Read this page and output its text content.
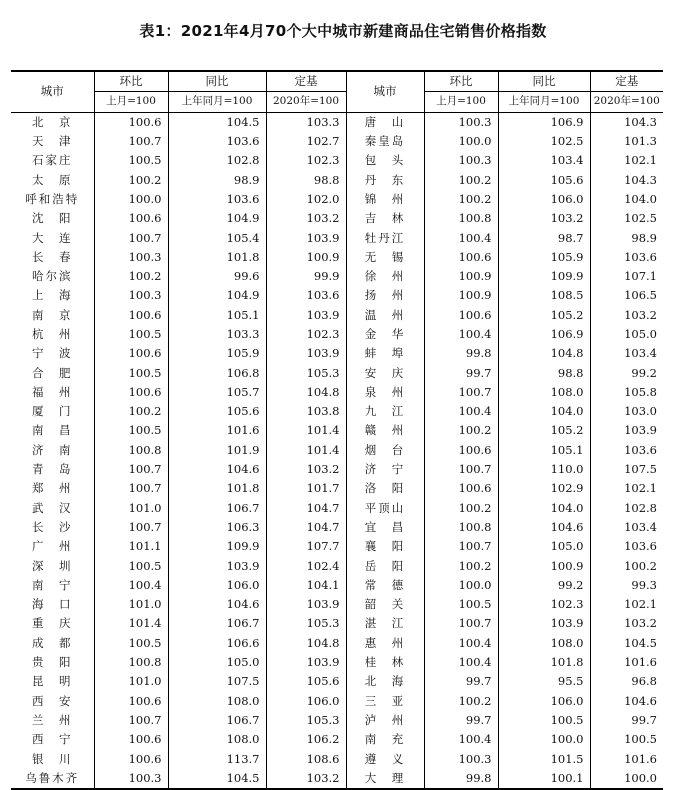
表1：2021年4月70个大中城市新建商品住宅销售价格指数
城市	环比	同比	定基	城市	环比	同比	定基
	上月=100	上年同月=100	2020年=100		上月=100	上年同月=100	2020年=100
北　京	100.6	104.5	103.3	唐　山	100.3	106.9	104.3
天　津	100.7	103.6	102.7	秦皇岛	100.0	102.5	101.3
石家庄	100.5	102.8	102.3	包　头	100.3	103.4	102.1
太　原	100.2	98.9	98.8	丹　东	100.2	105.6	104.3
呼和浩特	100.0	103.6	102.0	锦　州	100.2	106.0	104.0
沈　阳	100.6	104.9	103.2	吉　林	100.8	103.2	102.5
大　连	100.7	105.4	103.9	牡丹江	100.4	98.7	98.9
长　春	100.3	101.8	100.9	无　锡	100.6	105.9	103.6
哈尔滨	100.2	99.6	99.9	徐　州	100.9	109.9	107.1
上　海	100.3	104.9	103.6	扬　州	100.9	108.5	106.5
南　京	100.6	105.1	103.9	温　州	100.6	105.2	103.2
杭　州	100.5	103.3	102.3	金　华	100.4	106.9	105.0
宁　波	100.6	105.9	103.9	蚌　埠	99.8	104.8	103.4
合　肥	100.5	106.8	105.3	安　庆	99.7	98.8	99.2
福　州	100.6	105.7	104.8	泉　州	100.7	108.0	105.8
厦　门	100.2	105.6	103.8	九　江	100.4	104.0	103.0
南　昌	100.5	101.6	101.4	赣　州	100.2	105.2	103.9
济　南	100.8	101.9	101.4	烟　台	100.6	105.1	103.6
青　岛	100.7	104.6	103.2	济　宁	100.7	110.0	107.5
郑　州	100.7	101.8	101.7	洛　阳	100.6	102.9	102.1
武　汉	101.0	106.7	104.7	平顶山	100.2	104.0	102.8
长　沙	100.7	106.3	104.7	宜　昌	100.8	104.6	103.4
广　州	101.1	109.9	107.7	襄　阳	100.7	105.0	103.6
深　圳	100.5	103.9	102.4	岳　阳	100.2	100.9	100.2
南　宁	100.4	106.0	104.1	常　德	100.0	99.2	99.3
海　口	101.0	104.6	103.9	韶　关	100.5	102.3	102.1
重　庆	101.4	106.7	105.3	湛　江	100.7	103.9	103.2
成　都	100.5	106.6	104.8	惠　州	100.4	108.0	104.5
贵　阳	100.8	105.0	103.9	桂　林	100.4	101.8	101.6
昆　明	101.0	107.5	105.6	北　海	99.7	95.5	96.8
西　安	100.6	108.0	106.0	三　亚	100.2	106.0	104.6
兰　州	100.7	106.7	105.3	泸　州	99.7	100.5	99.7
西　宁	100.6	108.0	106.2	南　充	100.4	100.0	100.5
银　川	100.6	113.7	108.6	遵　义	100.3	101.5	101.6
乌鲁木齐	100.3	104.5	103.2	大　理	99.8	100.1	100.0
